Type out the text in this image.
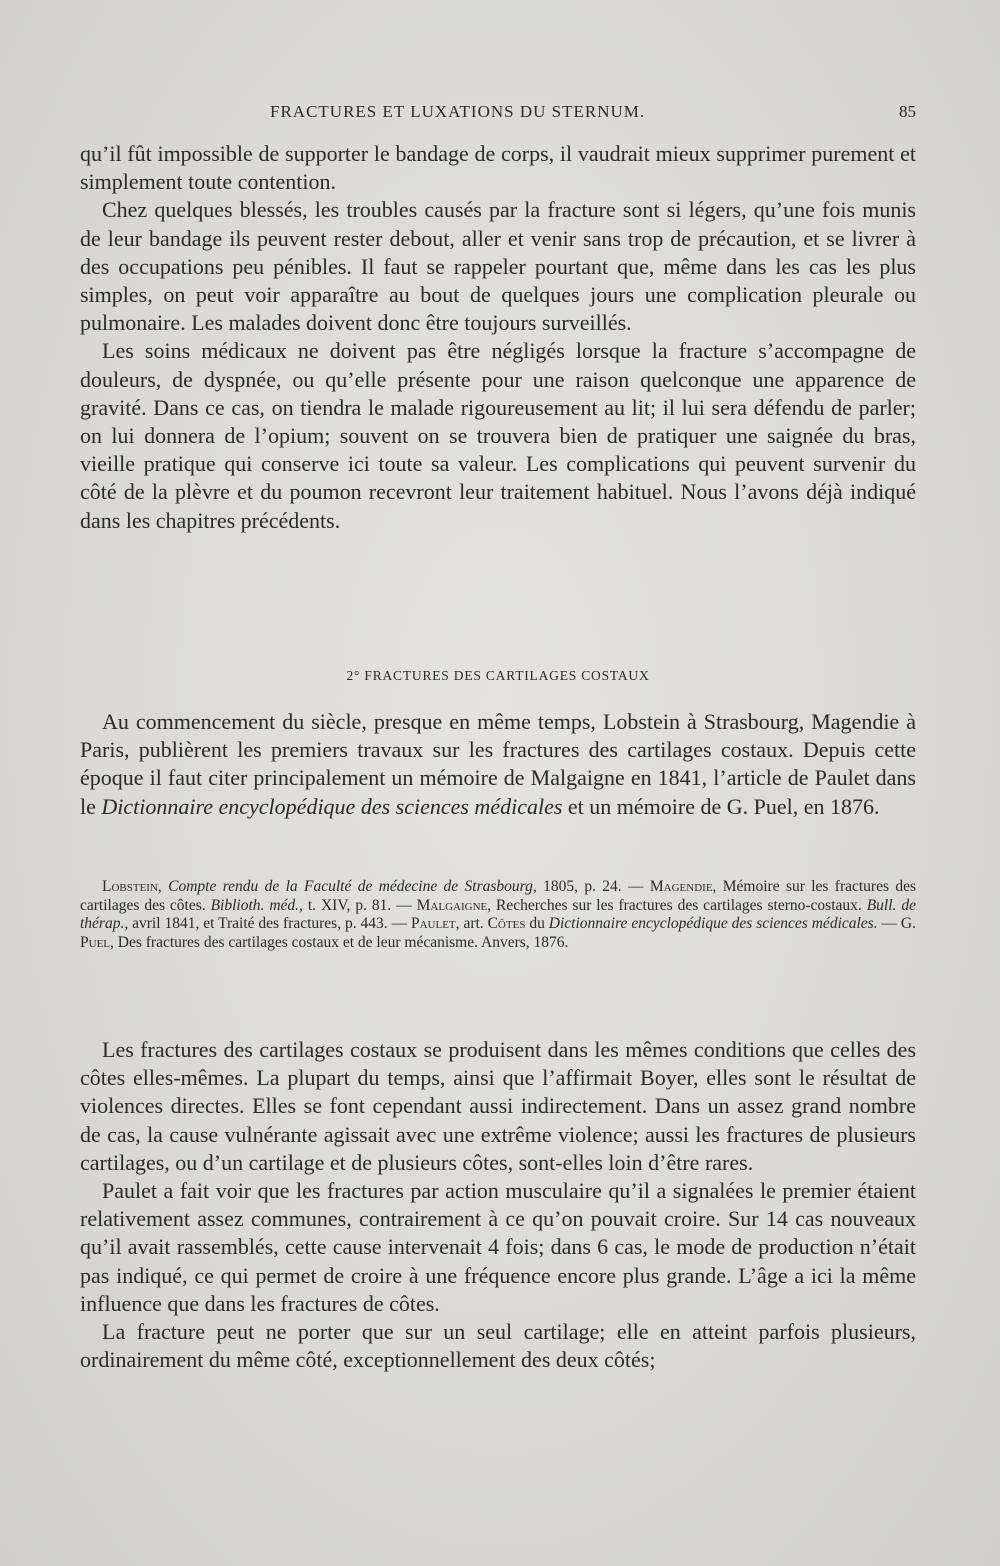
FRACTURES ET LUXATIONS DU STERNUM.	85

qu’il fût impossible de supporter le bandage de corps, il vaudrait mieux supprimer purement et simplement toute contention.

Chez quelques blessés, les troubles causés par la fracture sont si légers, qu’une fois munis de leur bandage ils peuvent rester debout, aller et venir sans trop de précaution, et se livrer à des occupations peu pénibles. Il faut se rappeler pourtant que, même dans les cas les plus simples, on peut voir apparaître au bout de quelques jours une complication pleurale ou pulmonaire. Les malades doivent donc être toujours surveillés.

Les soins médicaux ne doivent pas être négligés lorsque la fracture s’accompagne de douleurs, de dyspnée, ou qu’elle présente pour une raison quelconque une apparence de gravité. Dans ce cas, on tiendra le malade rigoureusement au lit; il lui sera défendu de parler; on lui donnera de l’opium; souvent on se trouvera bien de pratiquer une saignée du bras, vieille pratique qui conserve ici toute sa valeur. Les complications qui peuvent survenir du côté de la plèvre et du poumon recevront leur traitement habituel. Nous l’avons déjà indiqué dans les chapitres précédents.

2° FRACTURES DES CARTILAGES COSTAUX

Au commencement du siècle, presque en même temps, Lobstein à Strasbourg, Magendie à Paris, publièrent les premiers travaux sur les fractures des cartilages costaux. Depuis cette époque il faut citer principalement un mémoire de Malgaigne en 1841, l’article de Paulet dans le Dictionnaire encyclopédique des sciences médicales et un mémoire de G. Puel, en 1876.

Lobstein, Compte rendu de la Faculté de médecine de Strasbourg, 1805, p. 24. — Magendie, Mémoire sur les fractures des cartilages des côtes. Biblioth. méd., t. XIV, p. 81. — Malgaigne, Recherches sur les fractures des cartilages sterno-costaux. Bull. de thérap., avril 1841, et Traité des fractures, p. 443. — Paulet, art. Côtes du Dictionnaire encyclopédique des sciences médicales. — G. Puel, Des fractures des cartilages costaux et de leur mécanisme. Anvers, 1876.

Les fractures des cartilages costaux se produisent dans les mêmes conditions que celles des côtes elles-mêmes. La plupart du temps, ainsi que l’affirmait Boyer, elles sont le résultat de violences directes. Elles se font cependant aussi indirectement. Dans un assez grand nombre de cas, la cause vulnérante agissait avec une extrême violence; aussi les fractures de plusieurs cartilages, ou d’un cartilage et de plusieurs côtes, sont-elles loin d’être rares.

Paulet a fait voir que les fractures par action musculaire qu’il a signalées le premier étaient relativement assez communes, contrairement à ce qu’on pouvait croire. Sur 14 cas nouveaux qu’il avait rassemblés, cette cause intervenait 4 fois; dans 6 cas, le mode de production n’était pas indiqué, ce qui permet de croire à une fréquence encore plus grande. L’âge a ici la même influence que dans les fractures de côtes.

La fracture peut ne porter que sur un seul cartilage; elle en atteint parfois plusieurs, ordinairement du même côté, exceptionnellement des deux côtés;
